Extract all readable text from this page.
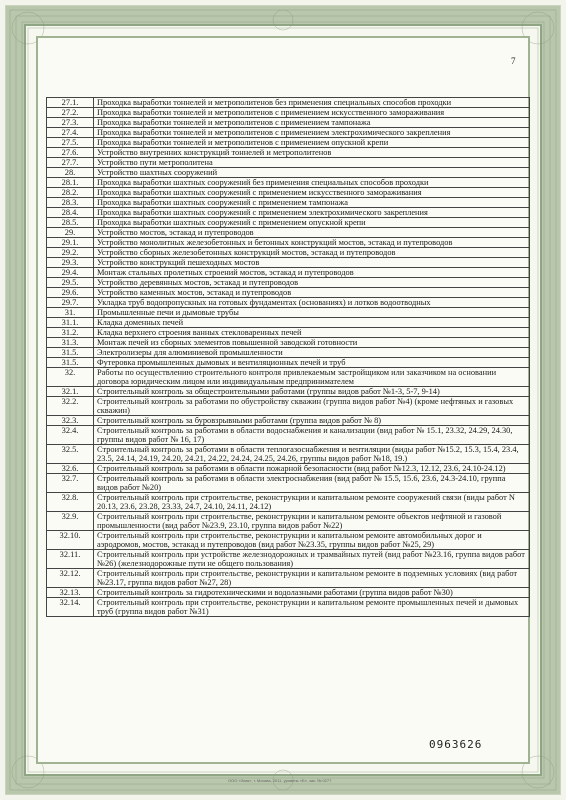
7
27.1.	Проходка выработки тоннелей и метрополитенов без применения специальных способов проходки
27.2.	Проходка выработки тоннелей и метрополитенов с применением искусственного замораживания
27.3.	Проходка выработки тоннелей и метрополитенов с применением тампонажа
27.4.	Проходка выработки тоннелей и метрополитенов с применением электрохимического закрепления
27.5.	Проходка выработки тоннелей и метрополитенов с применением опускной крепи
27.6.	Устройство внутренних конструкций тоннелей и метрополитенов
27.7.	Устройство пути метрополитена
28.	Устройство шахтных сооружений
28.1.	Проходка выработки шахтных сооружений без применения специальных способов проходки
28.2.	Проходка выработки шахтных сооружений с применением искусственного замораживания
28.3.	Проходка выработки шахтных сооружений с применением тампонажа
28.4.	Проходка выработки шахтных сооружений с применением электрохимического закрепления
28.5.	Проходка выработки шахтных сооружений с применением опускной крепи
29.	Устройство мостов, эстакад и путепроводов
29.1.	Устройство монолитных железобетонных и бетонных конструкций мостов, эстакад и путепроводов
29.2.	Устройство сборных железобетонных конструкций мостов, эстакад и путепроводов
29.3.	Устройство конструкций пешеходных мостов
29.4.	Монтаж стальных пролетных строений мостов, эстакад и путепроводов
29.5.	Устройство деревянных мостов, эстакад и путепроводов
29.6.	Устройство каменных мостов, эстакад и путепроводов
29.7.	Укладка труб водопропускных на готовых фундаментах (основаниях) и лотков водоотводных
31.	Промышленные печи и дымовые трубы
31.1.	Кладка доменных печей
31.2.	Кладка верхнего строения ванных стекловаренных печей
31.3.	Монтаж печей из сборных элементов повышенной заводской готовности
31.5.	Электролизеры для алюминиевой промышленности
31.5.	Футеровка промышленных дымовых и вентиляционных печей и труб
32.	Работы по осуществлению строительного контроля привлекаемым застройщиком или заказчиком на основании договора юридическим лицом или индивидуальным предпринимателем
32.1.	Строительный контроль за общестроительными работами (группы видов работ №1-3, 5-7, 9-14)
32.2.	Строительный контроль за работами по обустройству скважин (группа видов работ №4) (кроме нефтяных и газовых скважин)
32.3.	Строительный контроль за буровзрывными работами (группа видов работ № 8)
32.4.	Строительный контроль за работами в области водоснабжения и канализации (вид работ № 15.1, 23.32, 24.29, 24.30, группы видов работ № 16, 17)
32.5.	Строительный контроль за работами в области теплогазоснабжения и вентиляции (виды работ №15.2, 15.3, 15.4, 23.4, 23.5, 24.14, 24.19, 24.20, 24.21, 24.22, 24.24, 24.25, 24.26, группы видов работ №18, 19.)
32.6.	Строительный контроль за работами в области пожарной безопасности (вид работ №12.3, 12.12, 23.6, 24.10-24.12)
32.7.	Строительный контроль за работами в области электроснабжения (вид работ № 15.5, 15.6, 23.6, 24.3-24.10, группа видов работ №20)
32.8.	Строительный контроль при строительстве, реконструкции и капитальном ремонте сооружений связи (виды работ N 20.13, 23.6, 23.28, 23.33, 24.7, 24.10, 24.11, 24.12)
32.9.	Строительный контроль при строительстве, реконструкции и капитальном ремонте объектов нефтяной и газовой промышленности (вид работ №23.9, 23.10, группа видов работ №22)
32.10.	Строительный контроль при строительстве, реконструкции и капитальном ремонте автомобильных дорог и аэродромов, мостов, эстакад и путепроводов (вид работ №23.35, группы видов работ №25, 29)
32.11.	Строительный контроль при устройстве железнодорожных и трамвайных путей (вид работ №23.16, группа видов работ №26) (железнодорожные пути не общего пользования)
32.12.	Строительный контроль при строительстве, реконструкции и капитальном ремонте в подземных условиях (вид работ №23.17, группа видов работ №27, 28)
32.13.	Строительный контроль за гидротехническими и водолазными работами (группа видов работ №30)
32.14.	Строительный контроль при строительстве, реконструкции и капитальном ремонте промышленных печей и дымовых труб (группа видов работ №31)
0963626
ООО «Знак», г. Москва, 2011, уровень «Б», зак. № 0277
